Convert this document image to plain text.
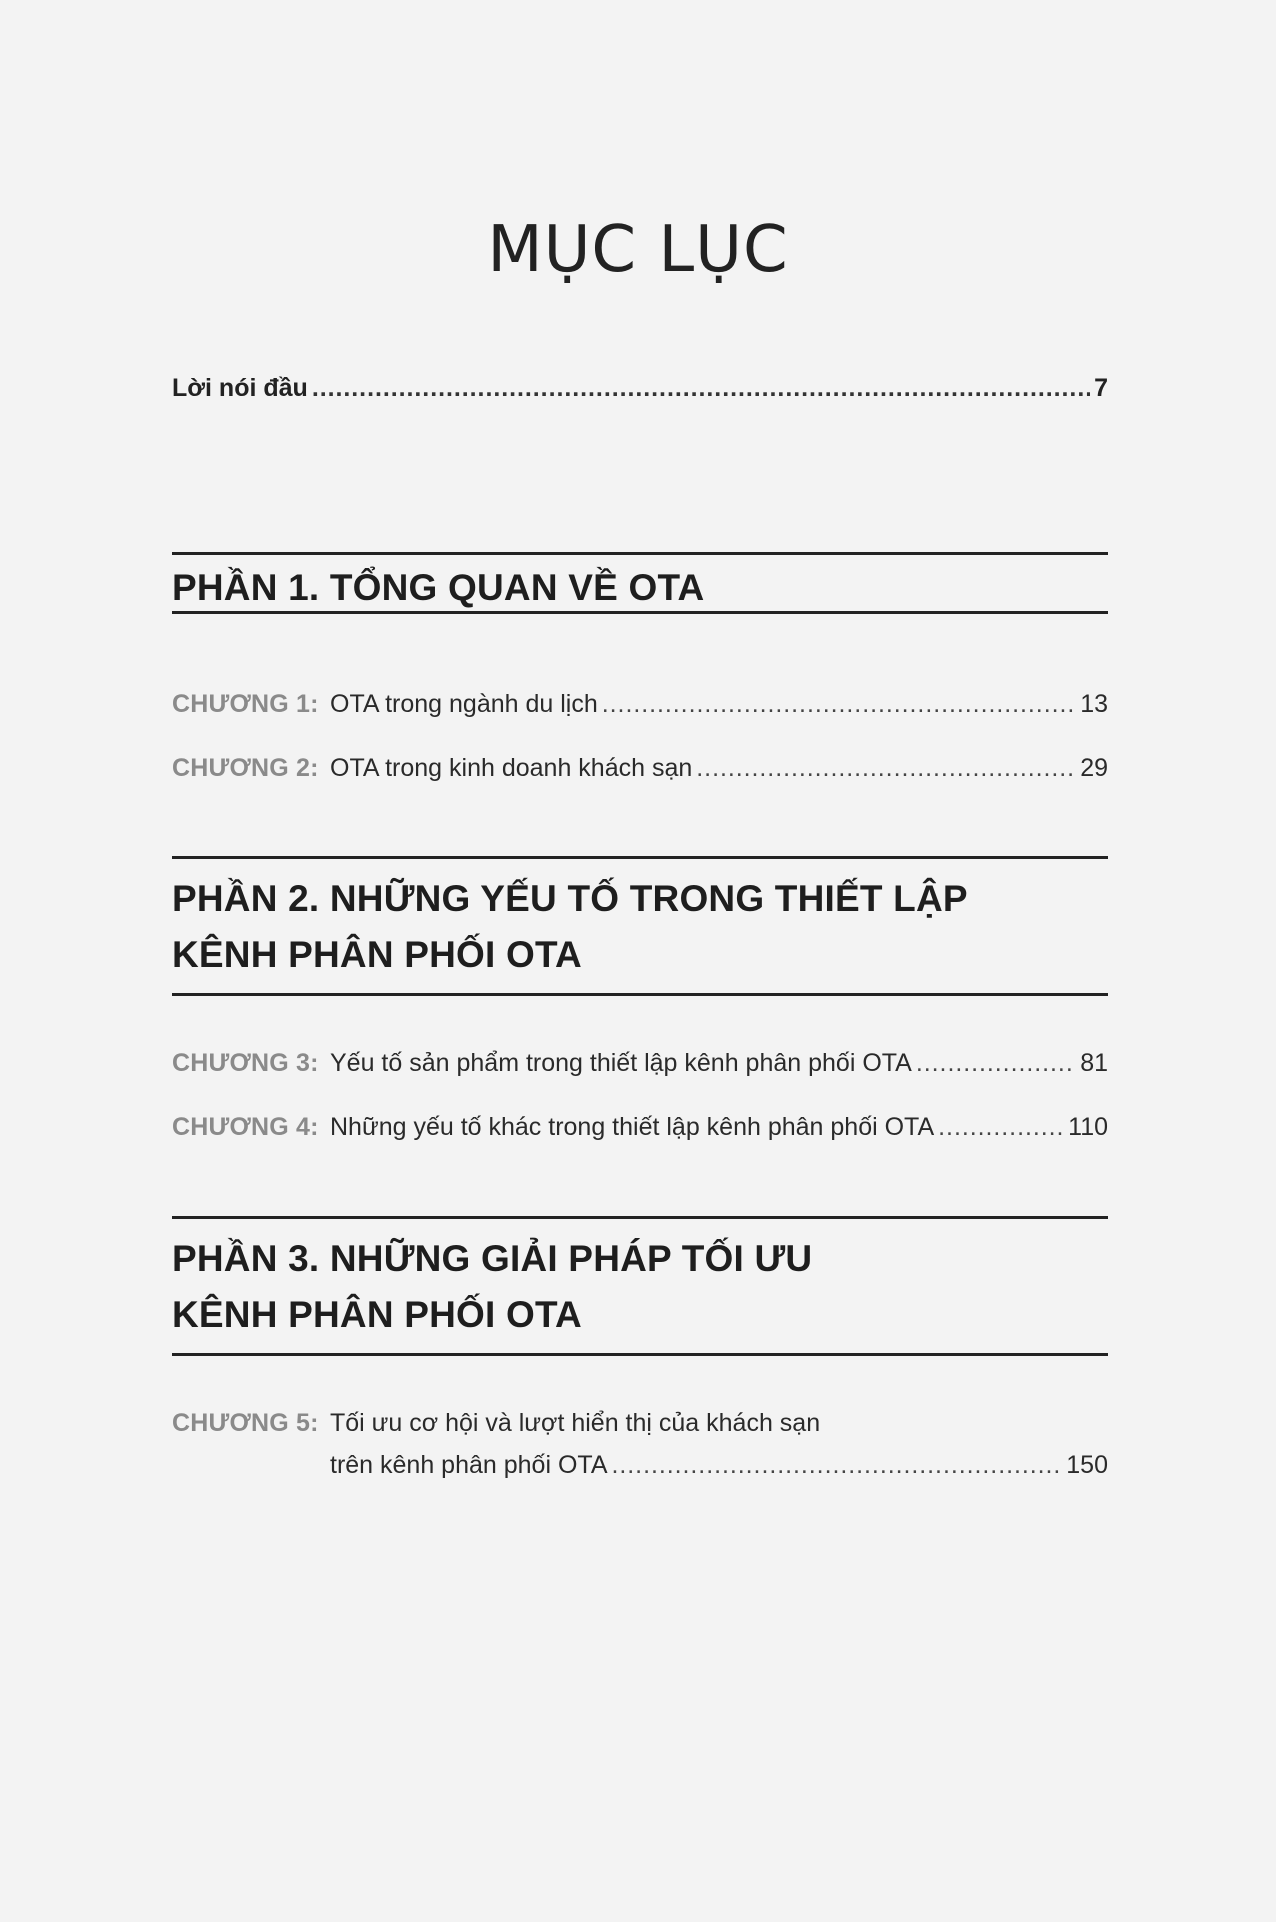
MỤC LỤC
Lời nói đầu . . .	7
PHẦN 1. TỔNG QUAN VỀ OTA
CHƯƠNG 1: OTA trong ngành du lịch . . .	13
CHƯƠNG 2: OTA trong kinh doanh khách sạn . . .	29
PHẦN 2. NHỮNG YẾU TỐ TRONG THIẾT LẬP
KÊNH PHÂN PHỐI OTA
CHƯƠNG 3: Yếu tố sản phẩm trong thiết lập kênh phân phối OTA . . .	81
CHƯƠNG 4: Những yếu tố khác trong thiết lập kênh phân phối OTA . . .	110
PHẦN 3. NHỮNG GIẢI PHÁP TỐI ƯU
KÊNH PHÂN PHỐI OTA
CHƯƠNG 5: Tối ưu cơ hội và lượt hiển thị của khách sạn
trên kênh phân phối OTA . . .	150
